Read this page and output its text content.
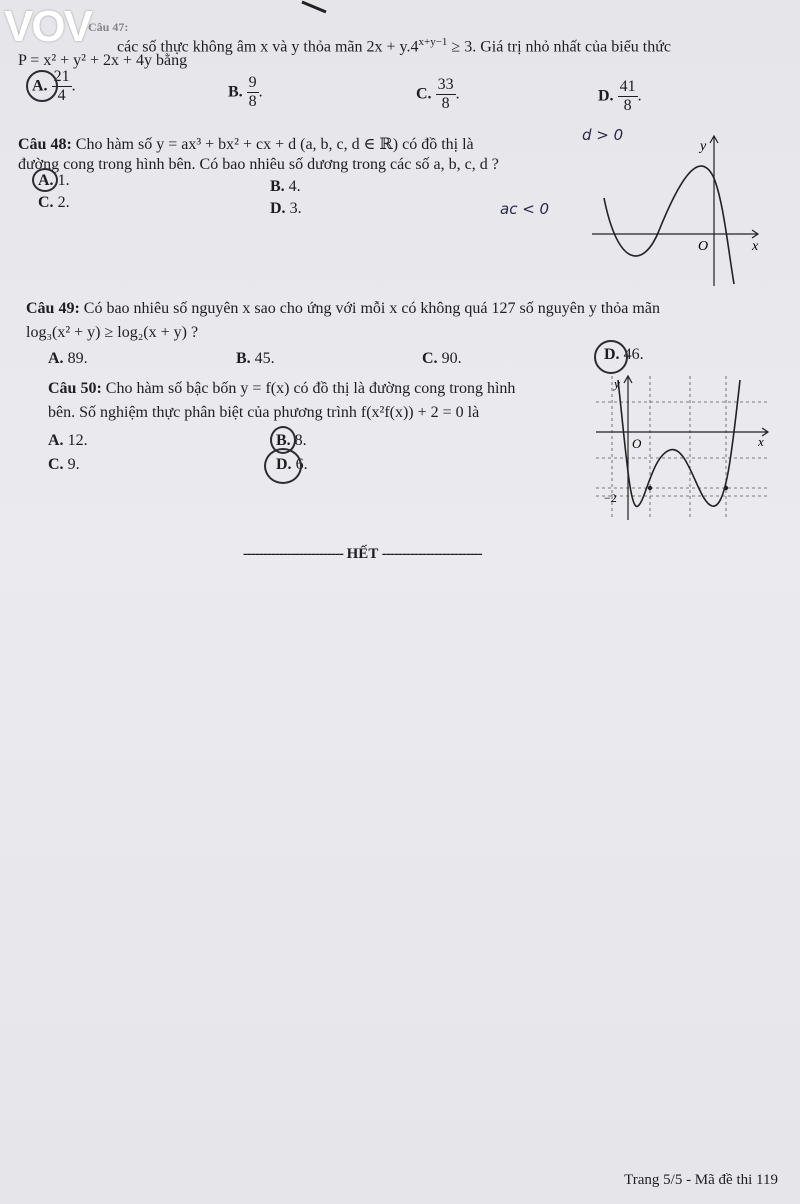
VOV các số thực không âm x và y thỏa mãn $2x + y.4^{x+y-1} \ge 3$. Giá trị nhỏ nhất của biểu thức
P = x² + y² + 2x + 4y bằng
Câu 47:
A. $\frac{21}{4}$ .	B. $\frac{9}{8}$ .	C. $\frac{33}{8}$ .	D. $\frac{41}{8}$ .
Câu 48: Cho hàm số y = ax³ + bx² + cx + d (a, b, c, d ∈ ℝ) có đồ thị là
đường cong trong hình bên. Có bao nhiêu số dương trong các số a, b, c, d ?
d > 0
ac < 0
A. 1.	B. 4.
C. 2.	D. 3.
y
x
O
Câu 49: Có bao nhiêu số nguyên x sao cho ứng với mỗi x có không quá 127 số nguyên y thỏa mãn
log₃(x² + y) ≥ log₂(x + y) ?
A. 89.	B. 45.	C. 90.	D. 46.
Câu 50: Cho hàm số bậc bốn y = f(x) có đồ thị là đường cong trong hình
bên. Số nghiệm thực phân biệt của phương trình f(x²f(x)) + 2 = 0 là
A. 12.	B. 8.
C. 9.	D. 6.
y
x
O
−2
------------------------- HẾT -------------------------
Trang 5/5 - Mã đề thi 119
